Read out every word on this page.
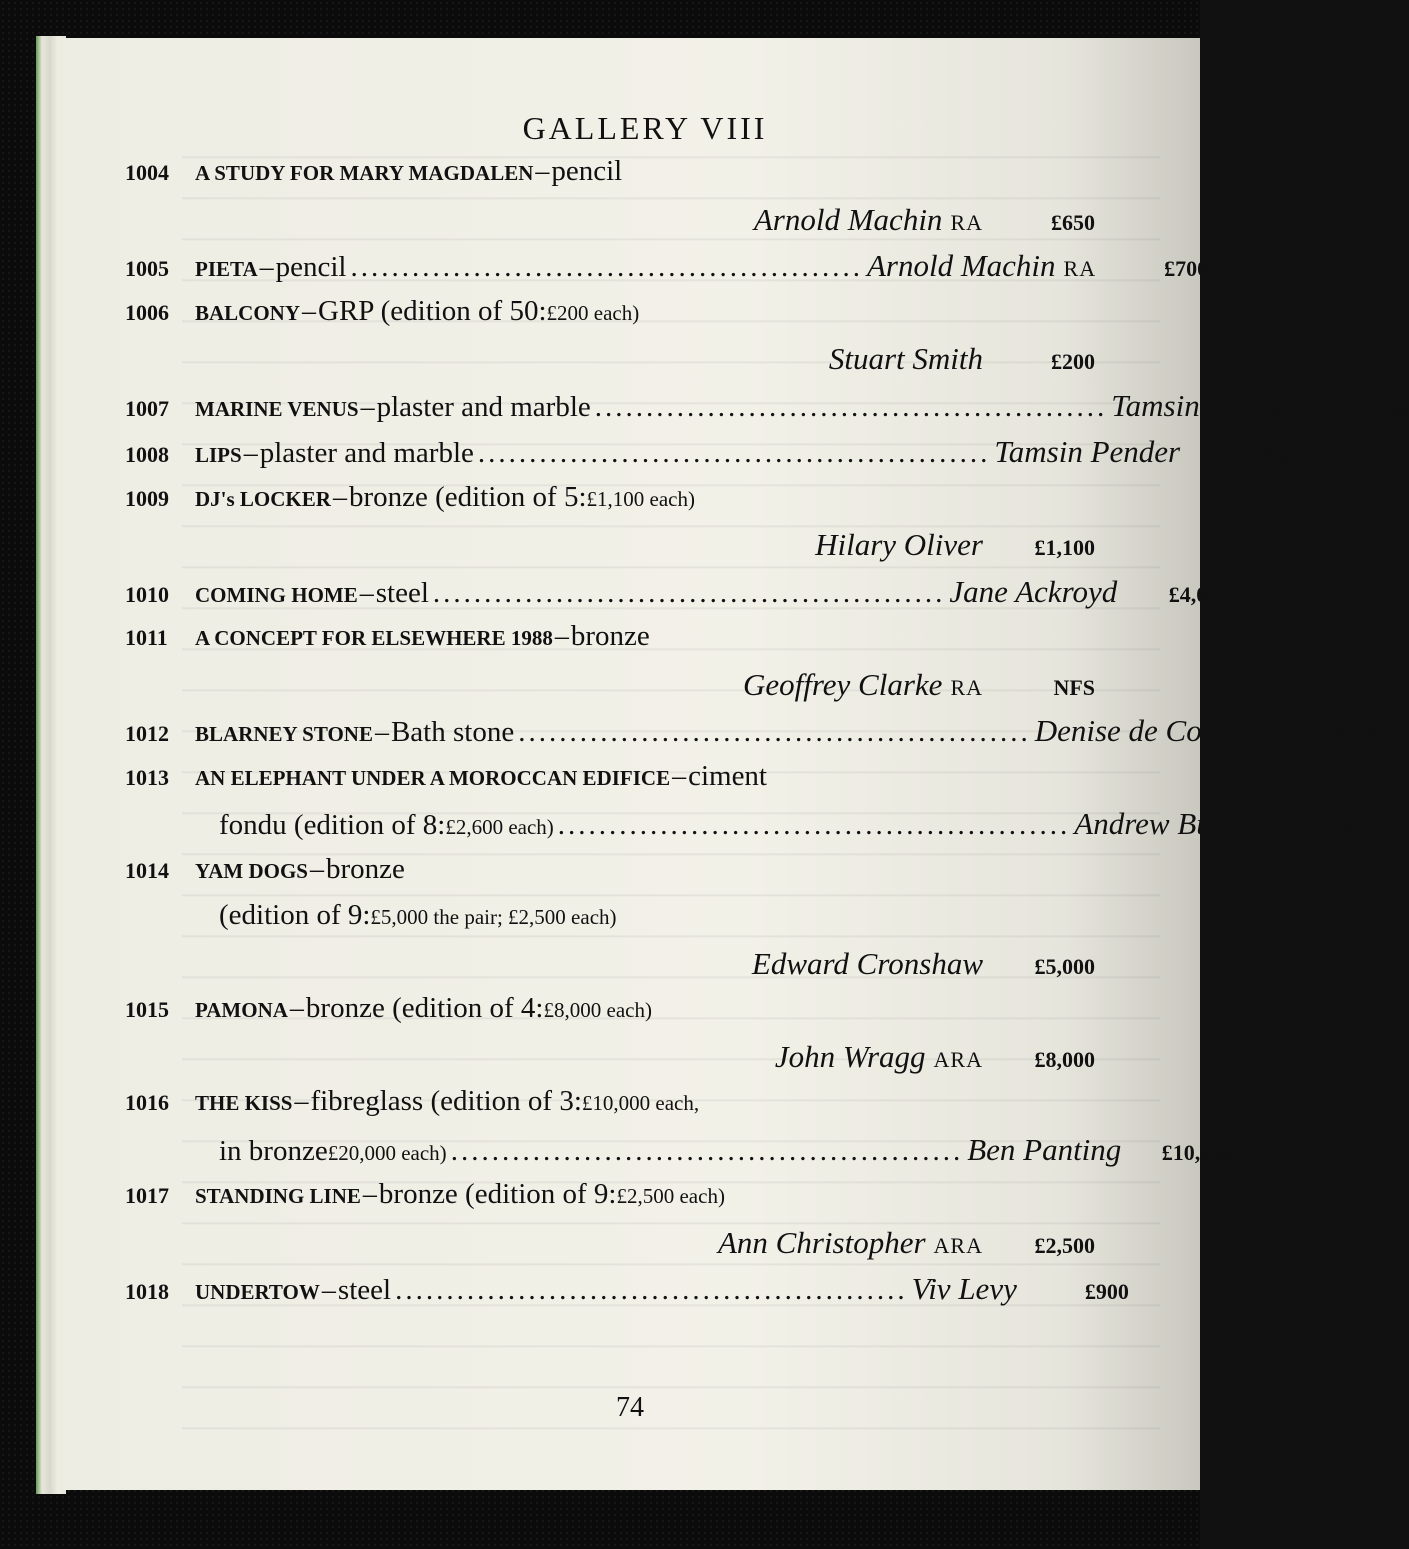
GALLERY VIII
1004	A STUDY FOR MARY MAGDALEN – pencil
Arnold Machin RA	£650
1005	PIETA – pencil .................................................. Arnold Machin RA	£700
1006	BALCONY – GRP (edition of 50: £200 each)
Stuart Smith	£200
1007	MARINE VENUS – plaster and marble .................................................. Tamsin Pender	£450
1008	LIPS – plaster and marble .................................................. Tamsin Pender	£450
1009	DJ's LOCKER – bronze (edition of 5: £1,100 each)
Hilary Oliver	£1,100
1010	COMING HOME – steel .................................................. Jane Ackroyd	£4,000
1011	A CONCEPT FOR ELSEWHERE 1988 – bronze
Geoffrey Clarke RA	NFS
1012	BLARNEY STONE – Bath stone .................................................. Denise de Cordova	£5,700
1013	AN ELEPHANT UNDER A MOROCCAN EDIFICE – ciment
fondu (edition of 8: £2,600 each) .................................................. Andrew Burton	£2,600
1014	YAM DOGS – bronze
(edition of 9: £5,000 the pair; £2,500 each)
Edward Cronshaw	£5,000
1015	PAMONA – bronze (edition of 4: £8,000 each)
John Wragg ARA	£8,000
1016	THE KISS – fibreglass (edition of 3: £10,000 each,
in bronze £20,000 each) .................................................. Ben Panting	£10,000
1017	STANDING LINE – bronze (edition of 9: £2,500 each)
Ann Christopher ARA	£2,500
1018	UNDERTOW – steel .................................................. Viv Levy	£900
74
